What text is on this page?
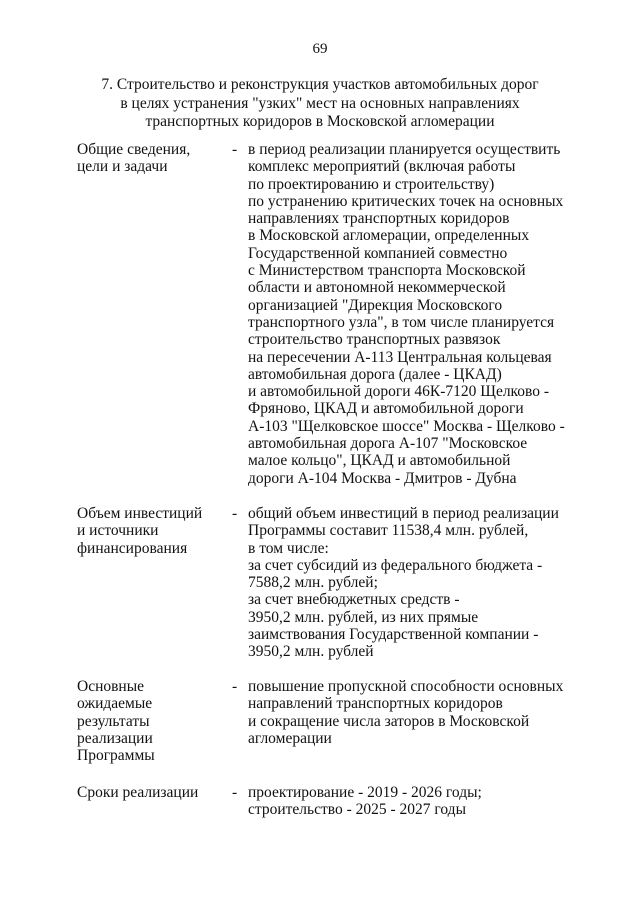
69
7. Строительство и реконструкция участков автомобильных дорог
в целях устранения "узких" мест на основных направлениях
транспортных коридоров в Московской агломерации
Общие сведения,
цели и задачи
- в период реализации планируется осуществить
комплекс мероприятий (включая работы
по проектированию и строительству)
по устранению критических точек на основных
направлениях транспортных коридоров
в Московской агломерации, определенных
Государственной компанией совместно
с Министерством транспорта Московской
области и автономной некоммерческой
организацией "Дирекция Московского
транспортного узла", в том числе планируется
строительство транспортных развязок
на пересечении А-113 Центральная кольцевая
автомобильная дорога (далее - ЦКАД)
и автомобильной дороги 46К-7120 Щелково -
Фряново, ЦКАД и автомобильной дороги
А-103 "Щелковское шоссе" Москва - Щелково -
автомобильная дорога А-107 "Московское
малое кольцо", ЦКАД и автомобильной
дороги А-104 Москва - Дмитров - Дубна
Объем инвестиций
и источники
финансирования
- общий объем инвестиций в период реализации
Программы составит 11538,4 млн. рублей,
в том числе:
за счет субсидий из федерального бюджета -
7588,2 млн. рублей;
за счет внебюджетных средств -
3950,2 млн. рублей, из них прямые
заимствования Государственной компании -
3950,2 млн. рублей
Основные
ожидаемые
результаты
реализации
Программы
- повышение пропускной способности основных
направлений транспортных коридоров
и сокращение числа заторов в Московской
агломерации
Сроки реализации	- проектирование - 2019 - 2026 годы;
строительство - 2025 - 2027 годы
